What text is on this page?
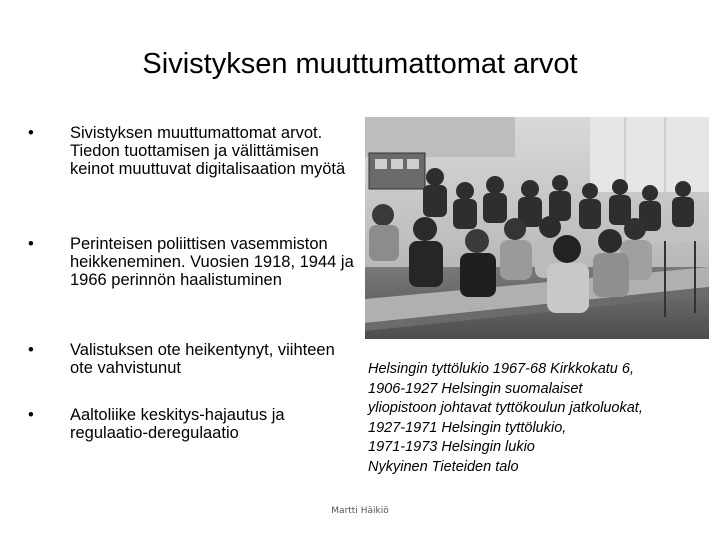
Sivistyksen muuttumattomat arvot
•	Sivistyksen muuttumattomat arvot. Tiedon tuottamisen ja välittämisen keinot muuttuvat digitalisaation myötä
•	Perinteisen poliittisen vasemmiston heikkeneminen. Vuosien 1918, 1944 ja 1966 perinnön haalistuminen
•	Valistuksen ote heikentynyt, viihteen ote vahvistunut
•	Aaltoliike keskitys-hajautus ja regulaatio-deregulaatio
Helsingin tyttölukio 1967-68 Kirkkokatu 6,
1906-1927 Helsingin suomalaiset
yliopistoon johtavat tyttökoulun jatkoluokat,
1927-1971 Helsingin tyttölukio,
1971-1973 Helsingin lukio
Nykyinen Tieteiden talo
Martti Häikiö
